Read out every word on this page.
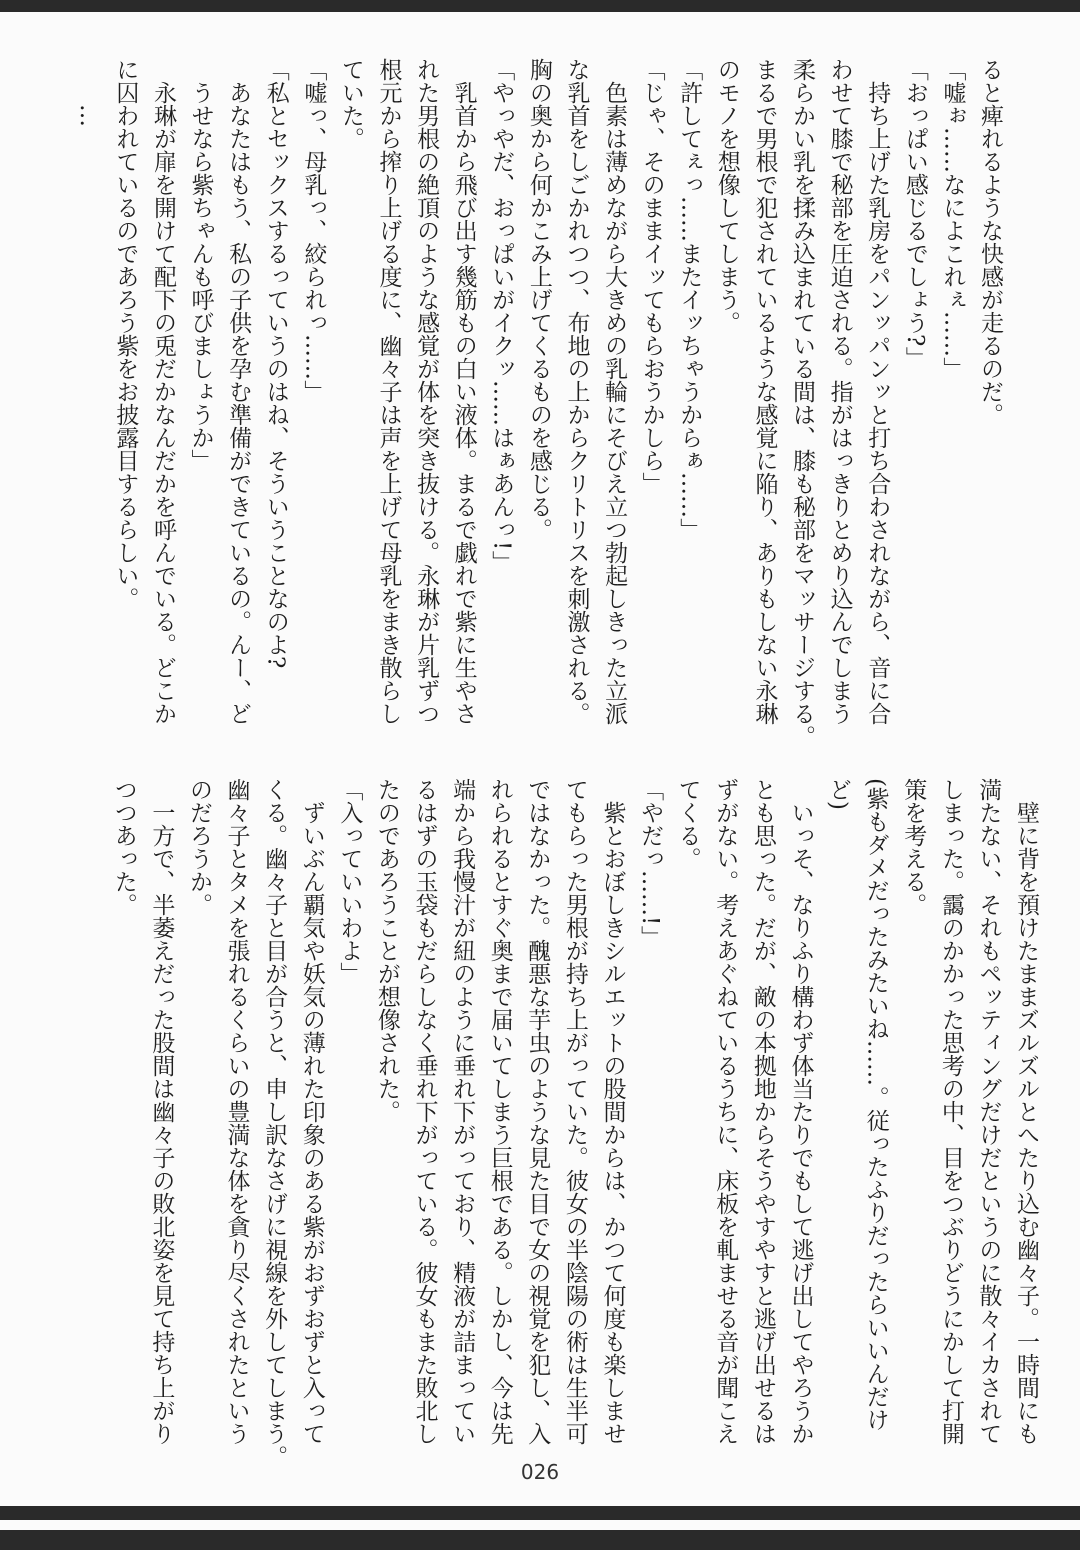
ると痺れるような快感が走るのだ。
「嘘ぉ……なによこれぇ……」
「おっぱい感じるでしょう?」
　持ち上げた乳房をパンッパンッと打ち合わされながら、音に合
わせて膝で秘部を圧迫される。指がはっきりとめり込んでしまう
柔らかい乳を揉み込まれている間は、膝も秘部をマッサージする。
まるで男根で犯されているような感覚に陥り、ありもしない永琳
のモノを想像してしまう。
「許してぇっ……またイッちゃうからぁ……」
「じゃ、そのままイッてもらおうかしら」
　色素は薄めながら大きめの乳輪にそびえ立つ勃起しきった立派
な乳首をしごかれつつ、布地の上からクリトリスを刺激される。
胸の奥から何かこみ上げてくるものを感じる。
「やっやだ、おっぱいがイクッ……はぁあんっ!」
　乳首から飛び出す幾筋もの白い液体。まるで戯れで紫に生やさ
れた男根の絶頂のような感覚が体を突き抜ける。永琳が片乳ずつ
根元から搾り上げる度に、幽々子は声を上げて母乳をまき散らし
ていた。
「嘘っ、母乳っ、絞られっ……」
「私とセックスするっていうのはね、そういうことなのよ?
　あなたはもう、私の子供を孕む準備ができているの。んー、ど
　うせなら紫ちゃんも呼びましょうか」
　永琳が扉を開けて配下の兎だかなんだかを呼んでいる。どこか
に囚われているのであろう紫をお披露目するらしい。
　　…
　壁に背を預けたままズルズルとへたり込む幽々子。一時間にも
満たない、それもペッティングだけだというのに散々イカされて
しまった。靄のかかった思考の中、目をつぶりどうにかして打開
策を考える。
(紫もダメだったみたいね……。従ったふりだったらいいんだけ
ど)
　いっそ、なりふり構わず体当たりでもして逃げ出してやろうか
とも思った。だが、敵の本拠地からそうやすやすと逃げ出せるは
ずがない。考えあぐねているうちに、床板を軋ませる音が聞こえ
てくる。
「やだっ……!」
　紫とおぼしきシルエットの股間からは、かつて何度も楽しませ
てもらった男根が持ち上がっていた。彼女の半陰陽の術は生半可
ではなかった。醜悪な芋虫のような見た目で女の視覚を犯し、入
れられるとすぐ奥まで届いてしまう巨根である。しかし、今は先
端から我慢汁が紐のように垂れ下がっており、精液が詰まってい
るはずの玉袋もだらしなく垂れ下がっている。彼女もまた敗北し
たのであろうことが想像された。
「入っていいわよ」
　ずいぶん覇気や妖気の薄れた印象のある紫がおずおずと入って
くる。幽々子と目が合うと、申し訳なさげに視線を外してしまう。
幽々子とタメを張れるくらいの豊満な体を貪り尽くされたという
のだろうか。
　一方で、半萎えだった股間は幽々子の敗北姿を見て持ち上がり
つつあった。
026
